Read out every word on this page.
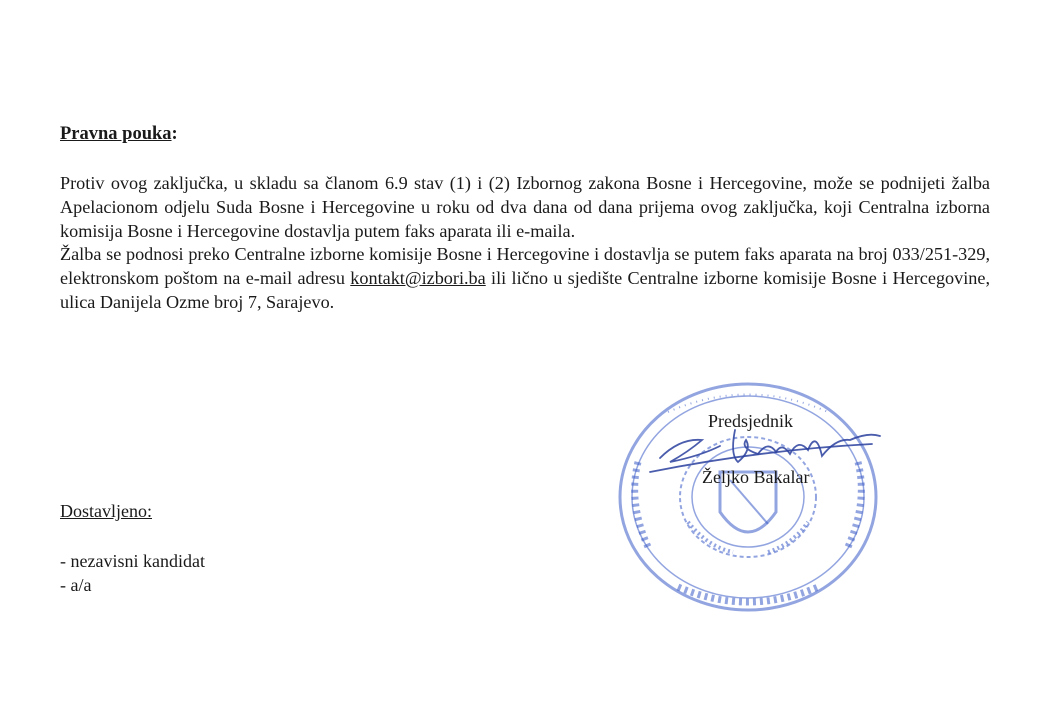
Pravna pouka:

Protiv ovog zaključka, u skladu sa članom 6.9 stav (1) i (2) Izbornog zakona Bosne i Hercegovine, može se podnijeti žalba Apelacionom odjelu Suda Bosne i Hercegovine u roku od dva dana od dana prijema ovog zaključka, koji Centralna izborna komisija Bosne i Hercegovine dostavlja putem faks aparata ili e-maila.

Žalba se podnosi preko Centralne izborne komisije Bosne i Hercegovine i dostavlja se putem faks aparata na broj 033/251-329, elektronskom poštom na e-mail adresu kontakt@izbori.ba ili lično u sjedište Centralne izborne komisije Bosne i Hercegovine, ulica Danijela Ozme broj 7, Sarajevo.

Predsjednik
Željko Bakalar
Dostavljeno:
- nezavisni kandidat
- a/a
